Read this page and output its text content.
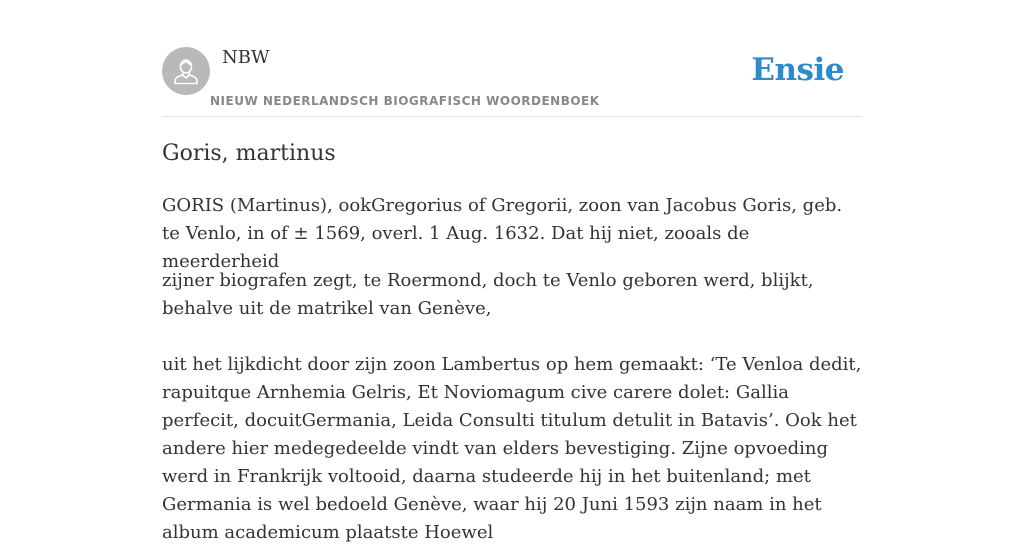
NBW
NIEUW NEDERLANDSCH BIOGRAFISCH WOORDENBOEK
Ensie
Goris, martinus

GORIS (Martinus), ookGregorius of Gregorii, zoon van Jacobus Goris, geb. te Venlo, in of ± 1569, overl. 1 Aug. 1632. Dat hij niet, zooals de meerderheid

zijner biografen zegt, te Roermond, doch te Venlo geboren werd, blijkt, behalve uit de matrikel van Genève,

uit het lijkdicht door zijn zoon Lambertus op hem gemaakt: ‘Te Venloa dedit, rapuitque Arnhemia Gelris, Et Noviomagum cive carere dolet: Gallia perfecit, docuitGermania, Leida Consulti titulum detulit in Batavis’. Ook het andere hier medegedeelde vindt van elders bevestiging. Zijne opvoeding werd in Frankrijk voltooid, daarna studeerde hij in het buitenland; met Germania is wel bedoeld Genève, waar hij 20 Juni 1593 zijn naam in het album academicum plaatste Hoewel
